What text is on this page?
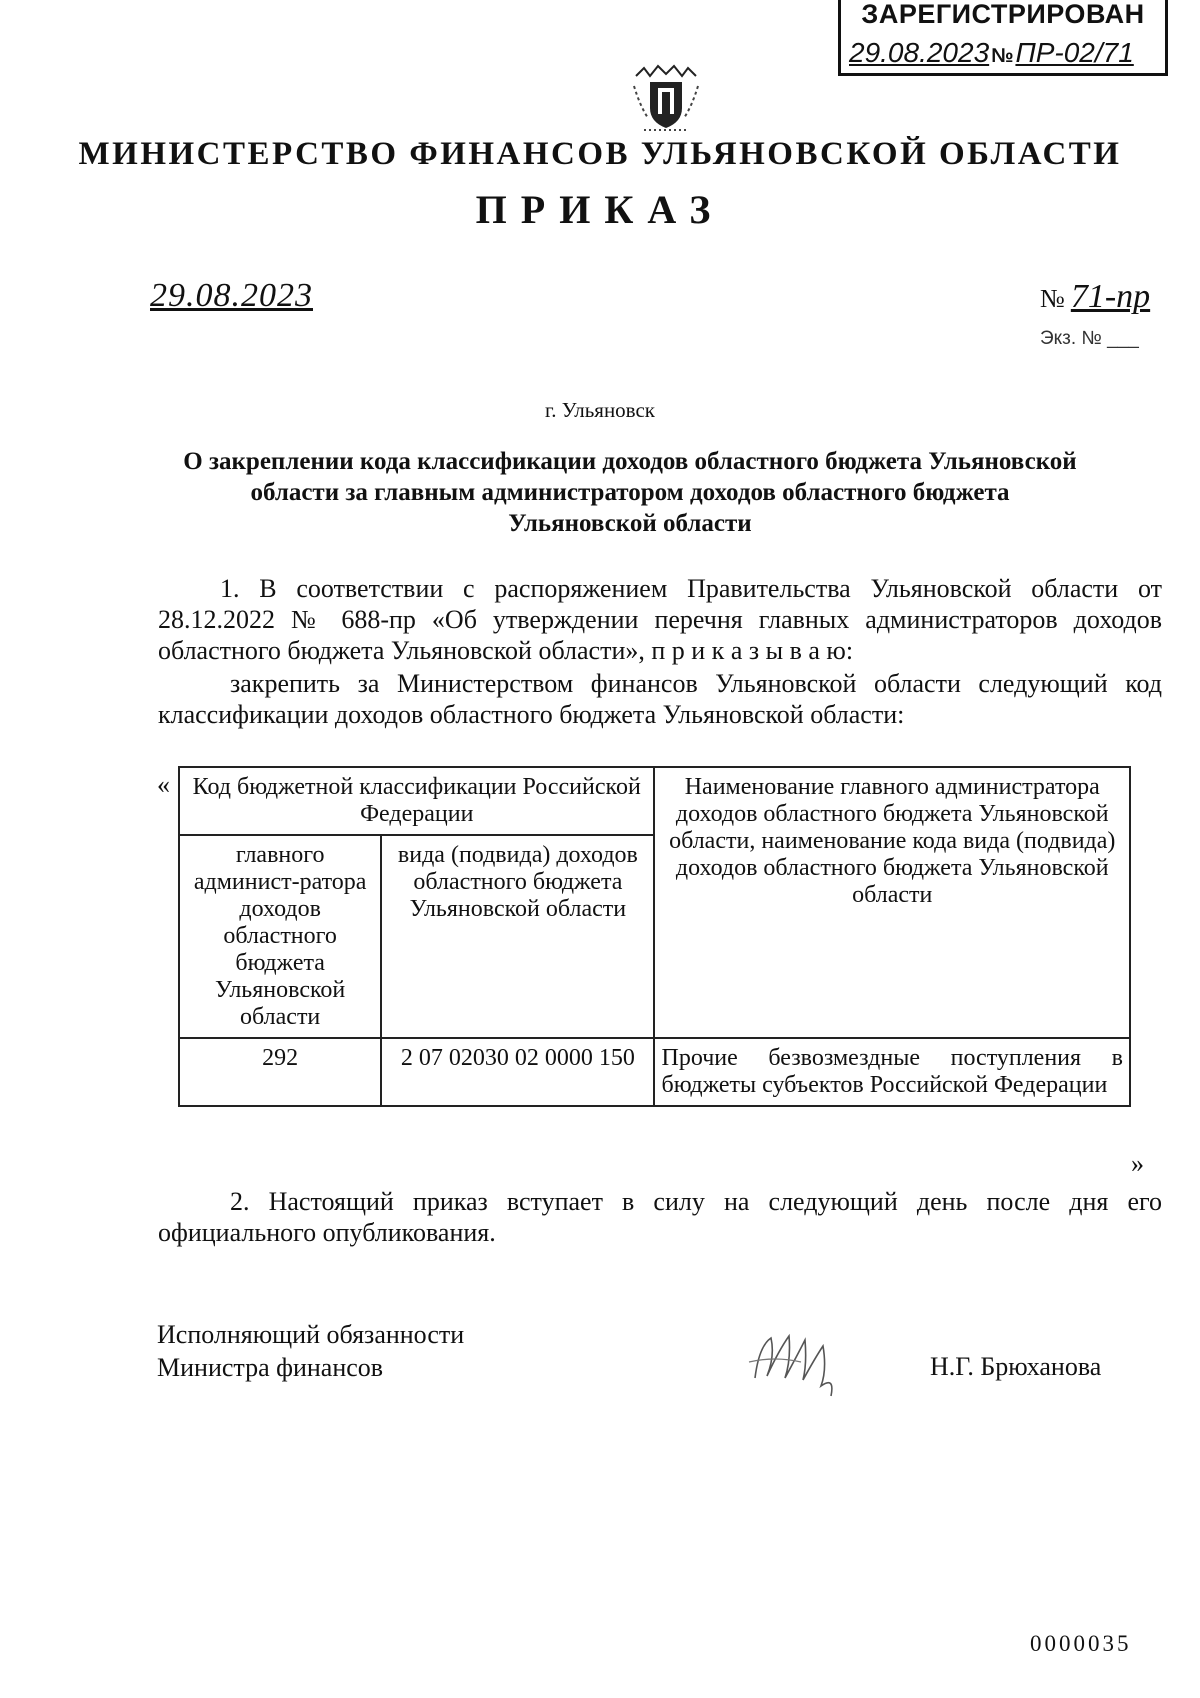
ЗАРЕГИСТРИРОВАН
29.08.2023 №ПР-02/71
МИНИСТЕРСТВО ФИНАНСОВ УЛЬЯНОВСКОЙ ОБЛАСТИ
ПРИКАЗ
29.08.2023	№ 71-пр
Экз. № ___
г. Ульяновск
О закреплении кода классификации доходов областного бюджета Ульяновской области за главным администратором доходов областного бюджета Ульяновской области
1. В соответствии с распоряжением Правительства Ульяновской области от 28.12.2022 № 688-пр «Об утверждении перечня главных администраторов доходов областного бюджета Ульяновской области», п р и к а з ы в а ю:
закрепить за Министерством финансов Ульяновской области следующий код классификации доходов областного бюджета Ульяновской области:
« Код бюджетной классификации Российской Федерации		Наименование главного администратора доходов областного бюджета Ульяновской области, наименование кода вида (подвида) доходов областного бюджета Ульяновской области
главного админист-ратора доходов областного бюджета Ульяновской области	вида (подвида) доходов областного бюджета Ульяновской области	
292	2 07 02030 02 0000 150	Прочие безвозмездные поступления в бюджеты субъектов Российской Федерации
»
2. Настоящий приказ вступает в силу на следующий день после дня его официального опубликования.
Исполняющий обязанности Министра финансов	Н.Г. Брюханова
0000035
